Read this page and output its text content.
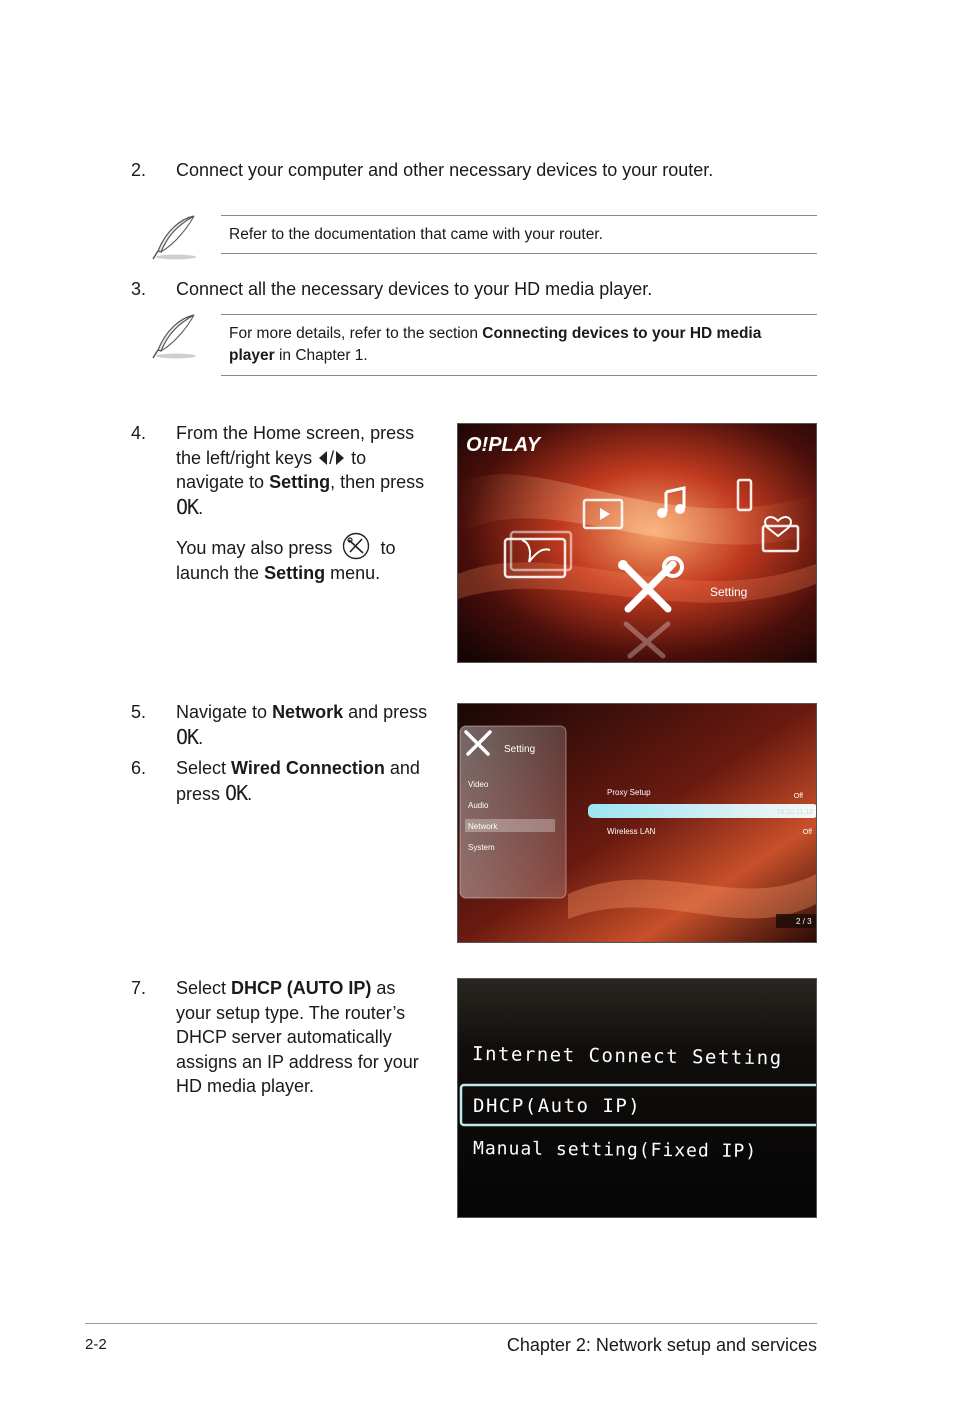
2. Connect your computer and other necessary devices to your router.
Refer to the documentation that came with your router.
3. Connect all the necessary devices to your HD media player.
For more details, refer to the section Connecting devices to your HD media player in Chapter 1.
4. From the Home screen, press
the left/right keys / to
navigate to Setting, then press
OK.
You may also press	to
launch the Setting menu.
O!PLAY
Setting
5. Navigate to Network and press
OK.
6. Select Wired Connection and
press OK.
Setting
Video
Audio
Network
System
Proxy Setup	Off
Wired Connection	10.10.11.12
Wireless LAN	Off
2 / 3
7. Select DHCP (AUTO IP) as
your setup type. The router’s
DHCP server automatically
assigns an IP address for your
HD media player.
Internet Connect Setting
DHCP(Auto IP)
Manual setting(Fixed IP)
2-2	Chapter 2: Network setup and services
